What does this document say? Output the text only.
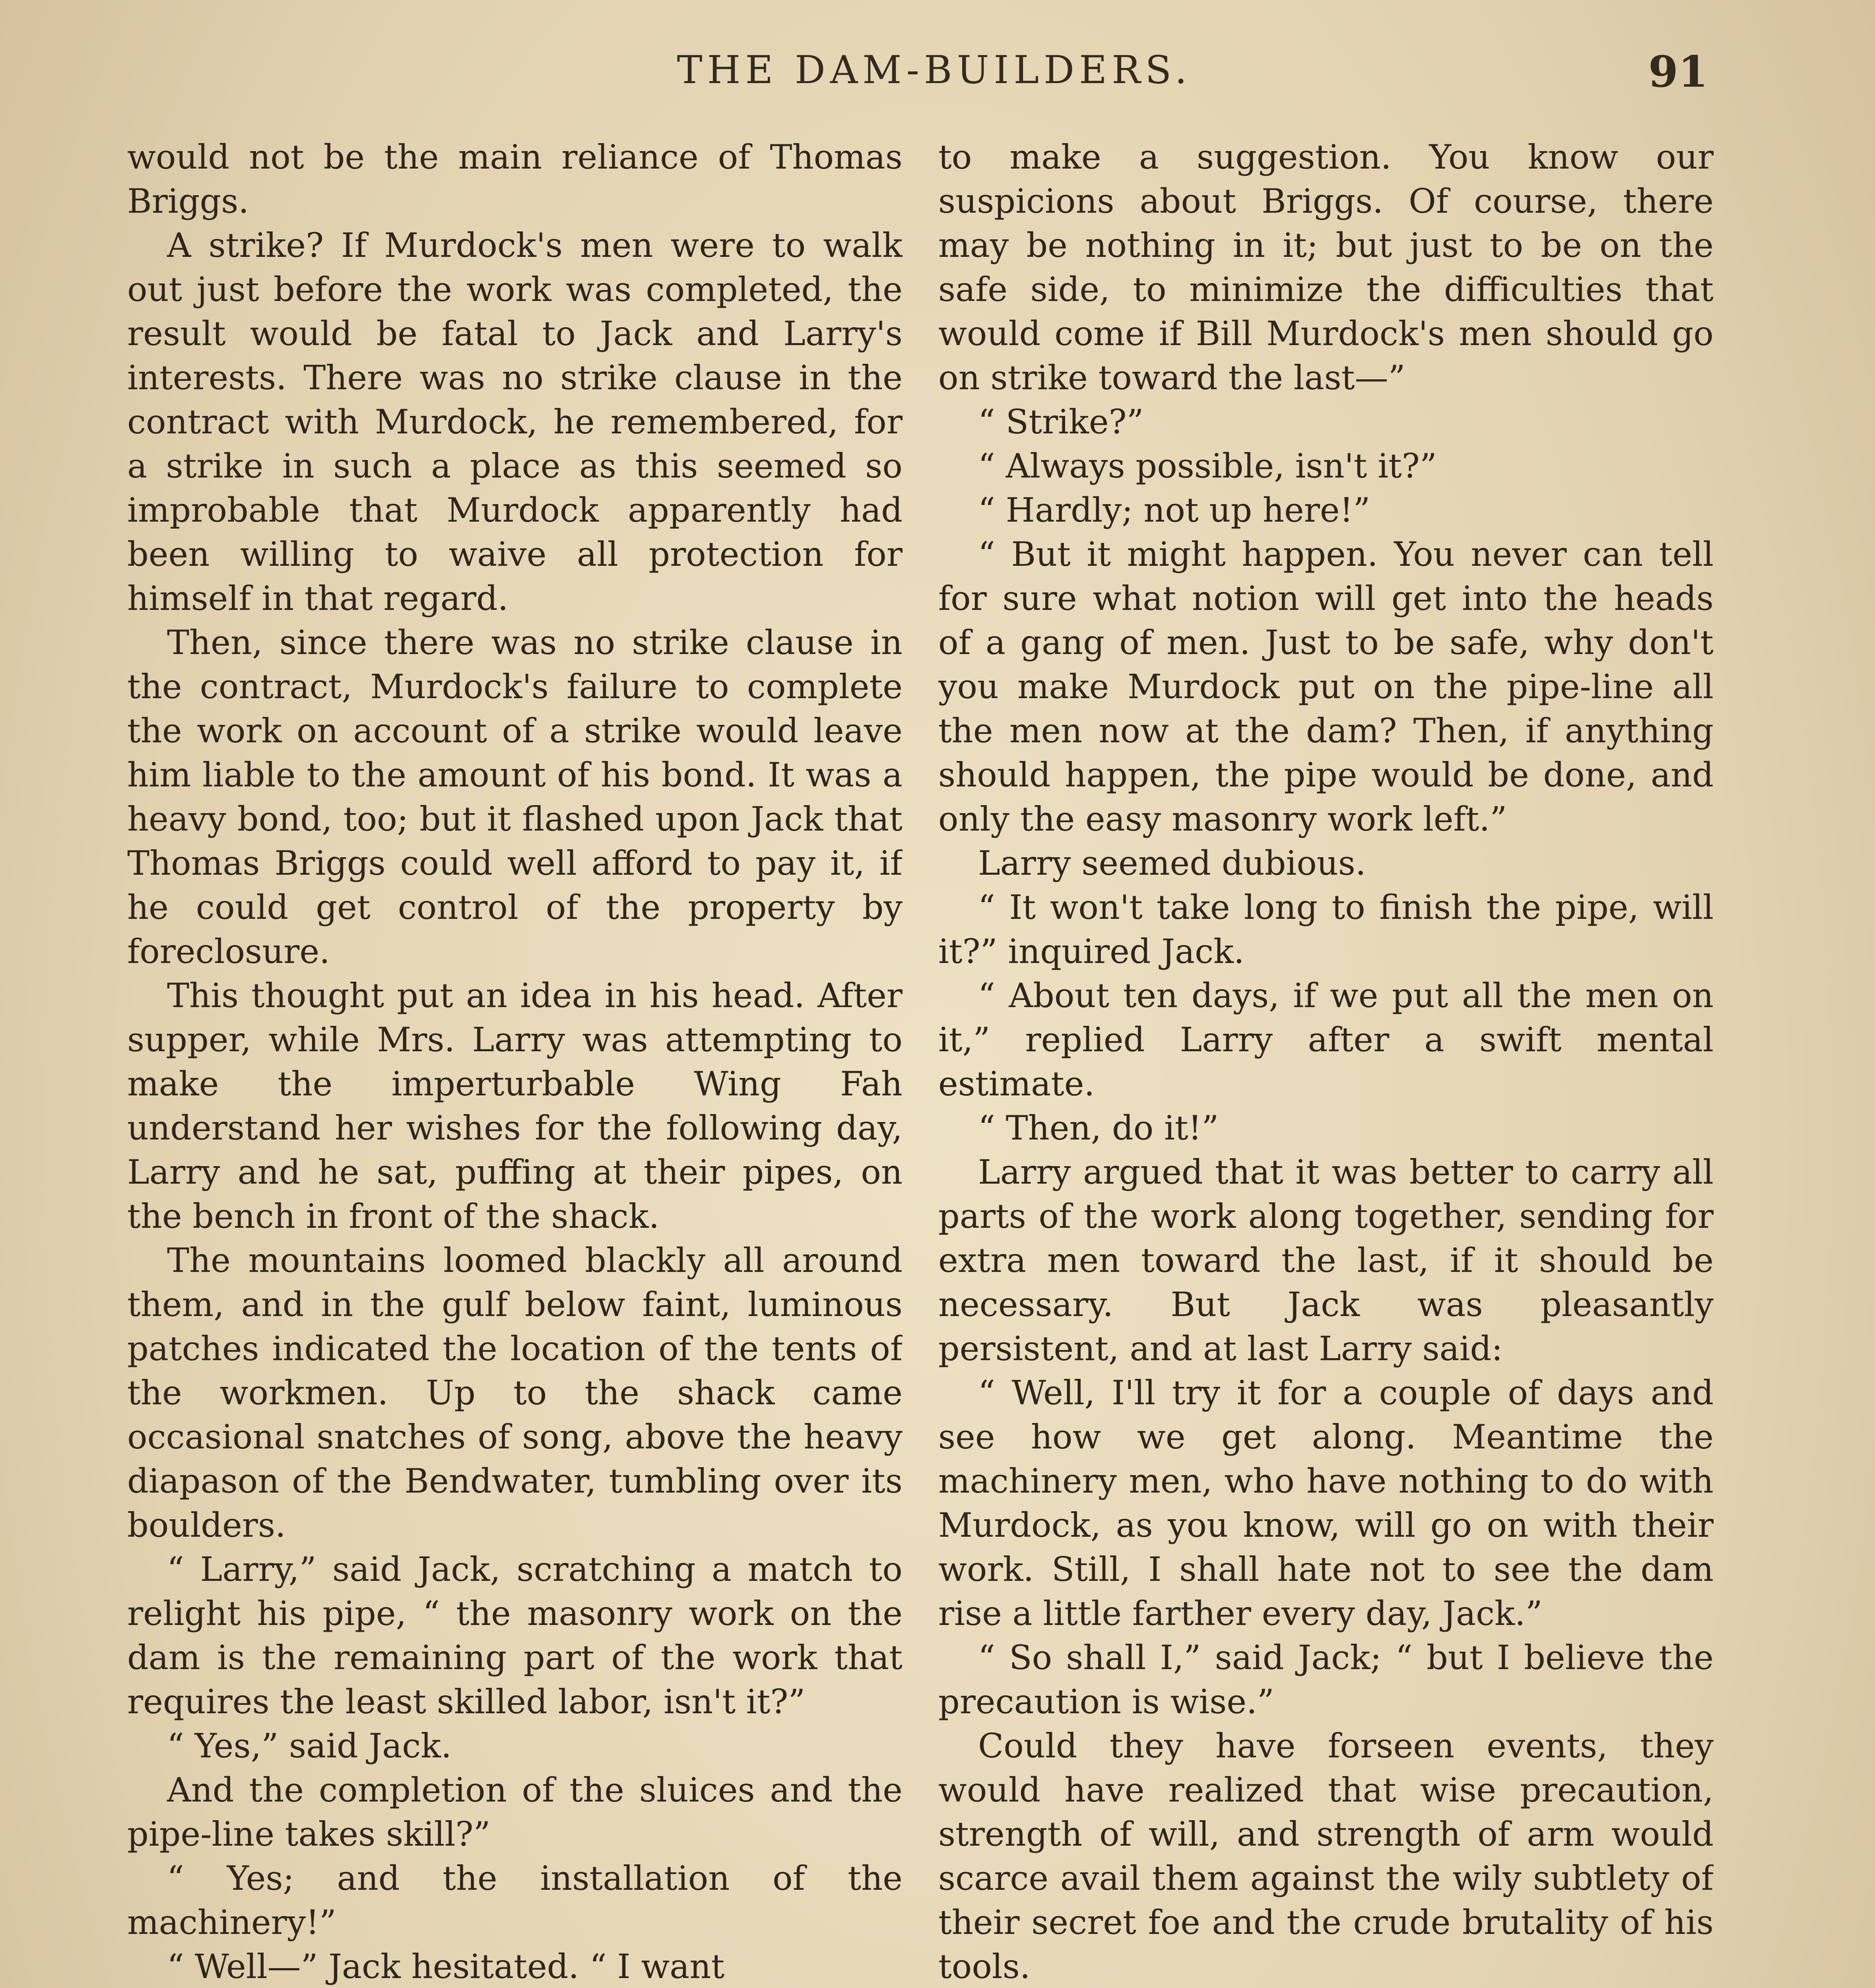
THE DAM-BUILDERS.	91

would not be the main reliance of Thomas Briggs.

A strike? If Murdock's men were to walk out just before the work was completed, the result would be fatal to Jack and Larry's interests. There was no strike clause in the contract with Murdock, he remembered, for a strike in such a place as this seemed so improbable that Murdock apparently had been willing to waive all protection for himself in that regard.

Then, since there was no strike clause in the contract, Murdock's failure to complete the work on account of a strike would leave him liable to the amount of his bond. It was a heavy bond, too; but it flashed upon Jack that Thomas Briggs could well afford to pay it, if he could get control of the property by foreclosure.

This thought put an idea in his head. After supper, while Mrs. Larry was attempting to make the imperturbable Wing Fah understand her wishes for the following day, Larry and he sat, puffing at their pipes, on the bench in front of the shack.

The mountains loomed blackly all around them, and in the gulf below faint, luminous patches indicated the location of the tents of the workmen. Up to the shack came occasional snatches of song, above the heavy diapason of the Bendwater, tumbling over its boulders.

“ Larry,” said Jack, scratching a match to relight his pipe, “ the masonry work on the dam is the remaining part of the work that requires the least skilled labor, isn't it?”

“ Yes,” said Jack.

And the completion of the sluices and the pipe-line takes skill?”

“ Yes; and the installation of the machinery!”

“ Well—” Jack hesitated. “ I want

to make a suggestion. You know our suspicions about Briggs. Of course, there may be nothing in it; but just to be on the safe side, to minimize the difficulties that would come if Bill Murdock's men should go on strike toward the last—”

“ Strike?”

“ Always possible, isn't it?”

“ Hardly; not up here!”

“ But it might happen. You never can tell for sure what notion will get into the heads of a gang of men. Just to be safe, why don't you make Murdock put on the pipe-line all the men now at the dam? Then, if anything should happen, the pipe would be done, and only the easy masonry work left.”

Larry seemed dubious.

“ It won't take long to finish the pipe, will it?” inquired Jack.

“ About ten days, if we put all the men on it,” replied Larry after a swift mental estimate.

“ Then, do it!”

Larry argued that it was better to carry all parts of the work along together, sending for extra men toward the last, if it should be necessary. But Jack was pleasantly persistent, and at last Larry said:

“ Well, I'll try it for a couple of days and see how we get along. Meantime the machinery men, who have nothing to do with Murdock, as you know, will go on with their work. Still, I shall hate not to see the dam rise a little farther every day, Jack.”

“ So shall I,” said Jack; “ but I believe the precaution is wise.”

Could they have forseen events, they would have realized that wise precaution, strength of will, and strength of arm would scarce avail them against the wily subtlety of their secret foe and the crude brutality of his tools.
